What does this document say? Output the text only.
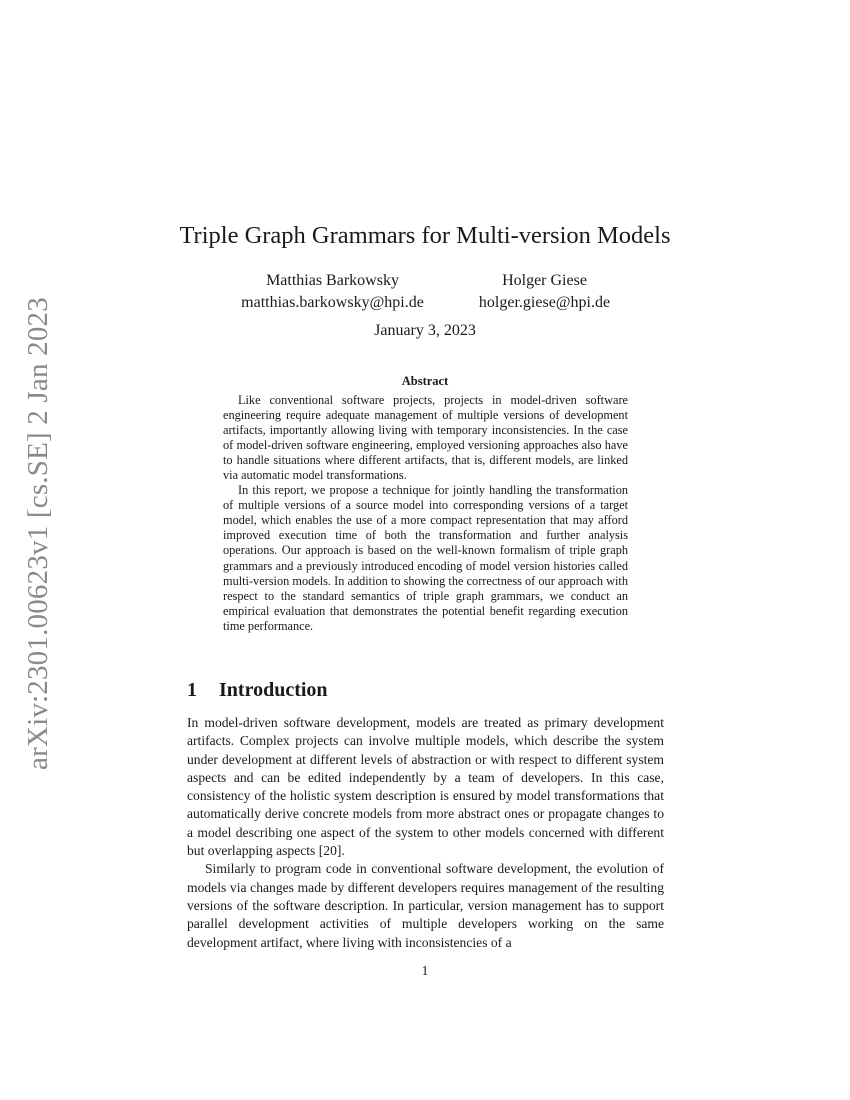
arXiv:2301.00623v1 [cs.SE] 2 Jan 2023
Triple Graph Grammars for Multi-version Models
Matthias Barkowsky
matthias.barkowsky@hpi.de
Holger Giese
holger.giese@hpi.de
January 3, 2023
Abstract

Like conventional software projects, projects in model-driven software engineering require adequate management of multiple versions of development artifacts, importantly allowing living with temporary inconsistencies. In the case of model-driven software engineering, employed versioning approaches also have to handle situations where different artifacts, that is, different models, are linked via automatic model transformations.

In this report, we propose a technique for jointly handling the transformation of multiple versions of a source model into corresponding versions of a target model, which enables the use of a more compact representation that may afford improved execution time of both the transformation and further analysis operations. Our approach is based on the well-known formalism of triple graph grammars and a previously introduced encoding of model version histories called multi-version models. In addition to showing the correctness of our approach with respect to the standard semantics of triple graph grammars, we conduct an empirical evaluation that demonstrates the potential benefit regarding execution time performance.

1 Introduction

In model-driven software development, models are treated as primary development artifacts. Complex projects can involve multiple models, which describe the system under development at different levels of abstraction or with respect to different system aspects and can be edited independently by a team of developers. In this case, consistency of the holistic system description is ensured by model transformations that automatically derive concrete models from more abstract ones or propagate changes to a model describing one aspect of the system to other models concerned with different but overlapping aspects [20].

Similarly to program code in conventional software development, the evolution of models via changes made by different developers requires management of the resulting versions of the software description. In particular, version management has to support parallel development activities of multiple developers working on the same development artifact, where living with inconsistencies of a

1
